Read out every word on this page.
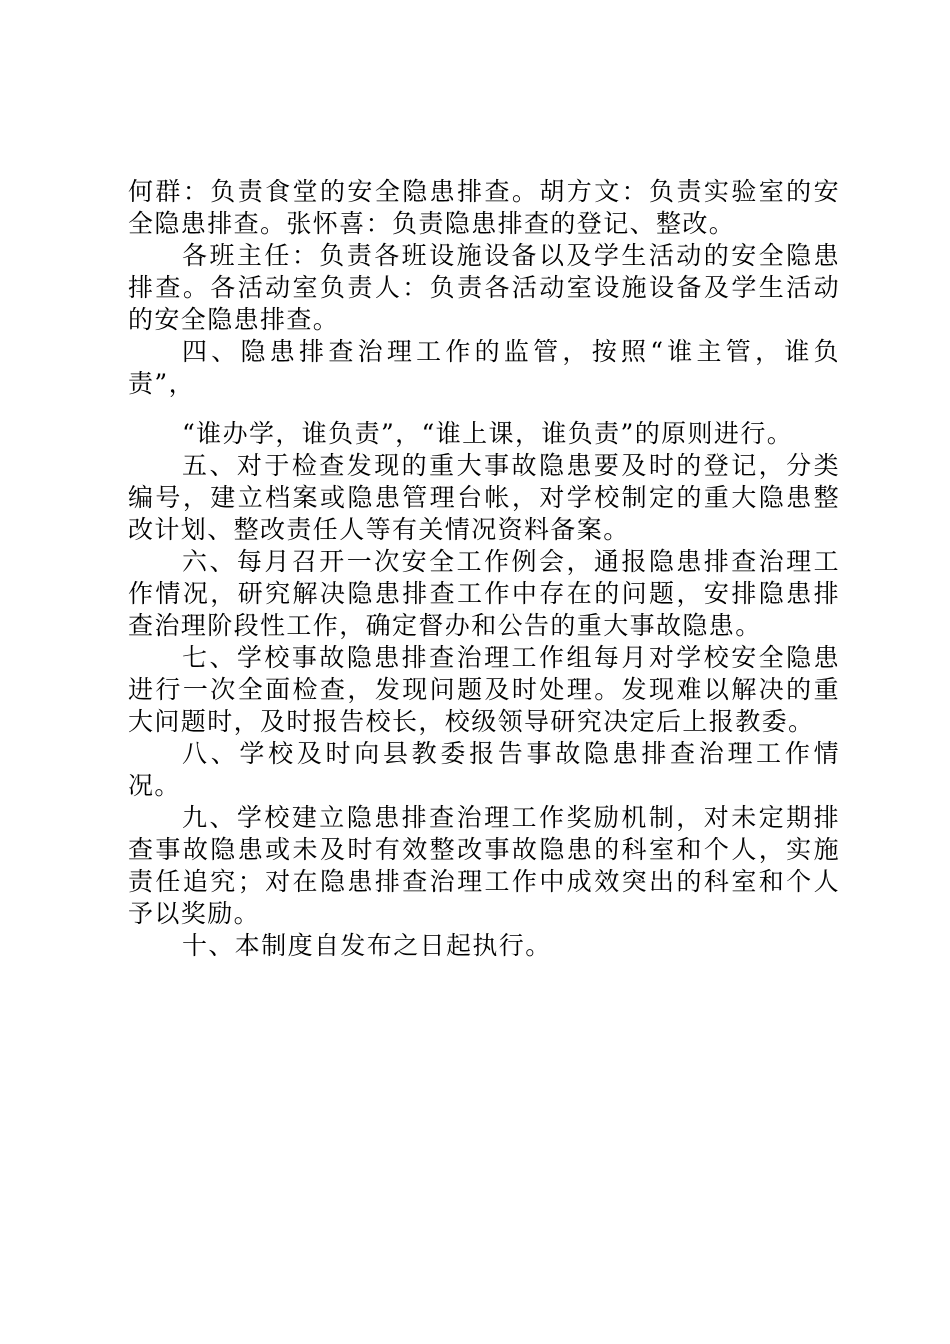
何群：负责食堂的安全隐患排查。胡方文：负责实验室的安全隐患排查。张怀喜：负责隐患排查的登记、整改。

各班主任：负责各班设施设备以及学生活动的安全隐患排查。各活动室负责人：负责各活动室设施设备及学生活动的安全隐患排查。

四、隐患排查治理工作的监管，按照“谁主管，谁负责”，

“谁办学，谁负责”，“谁上课，谁负责”的原则进行。

五、对于检查发现的重大事故隐患要及时的登记，分类编号，建立档案或隐患管理台帐，对学校制定的重大隐患整改计划、整改责任人等有关情况资料备案。

六、每月召开一次安全工作例会，通报隐患排查治理工作情况，研究解决隐患排查工作中存在的问题，安排隐患排查治理阶段性工作，确定督办和公告的重大事故隐患。

七、学校事故隐患排查治理工作组每月对学校安全隐患进行一次全面检查，发现问题及时处理。发现难以解决的重大问题时，及时报告校长，校级领导研究决定后上报教委。

八、学校及时向县教委报告事故隐患排查治理工作情况。

九、学校建立隐患排查治理工作奖励机制，对未定期排查事故隐患或未及时有效整改事故隐患的科室和个人，实施责任追究；对在隐患排查治理工作中成效突出的科室和个人予以奖励。

十、本制度自发布之日起执行。
